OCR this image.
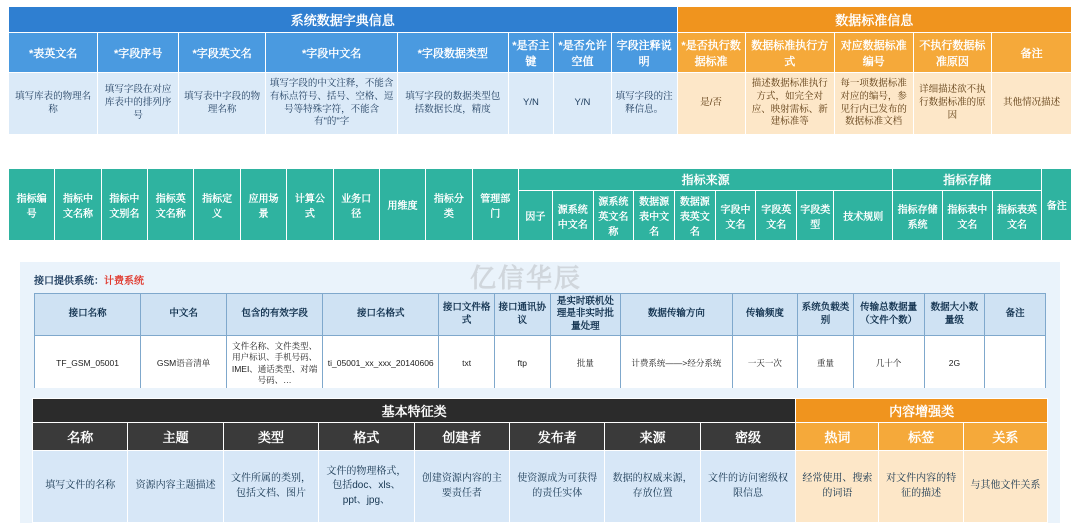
系统数据字典信息								数据标准信息				
*表英文名	*字段序号	*字段英文名	*字段中文名	*字段数据类型	*是否主键	*是否允许空值	字段注释说明	*是否执行数据标准	数据标准执行方式	对应数据标准编号	不执行数据标准原因	备注
填写库表的物理名称	填写字段在对应库表中的排列序号	填写表中字段的物理名称	填写字段的中文注释，不能含有标点符号、括号、空格、逗号等特殊字符，不能含有"的"字	填写字段的数据类型包括数据长度，精度	Y/N	Y/N	填写字段的注释信息。	是/否	描述数据标准执行方式，如完全对应、映射需标、新建标准等	每一项数据标准对应的编号，参见行内已发布的数据标准文档	详细描述欲不执行数据标准的原因	其他情况描述
指标编号	指标中文名称	指标中文别名	指标英文名称	指标定义	应用场景	计算公式	业务口径	用维度	指标分类	管理部门	指标来源									指标存储			备注
											因子	源系统中文名	源系统英文名称	数据源表中文名	数据源表英文名	字段中文名	字段英文名	字段类型	技术规则	指标存储系统	指标表中文名	指标表英文名	
接口提供系统：计费系统
接口名称	中文名	包含的有效字段	接口名格式	接口文件格式	接口通讯协议	是实时联机处理是非实时批量处理	数据传输方向	传输频度	系统负载类别	传输总数据量（文件个数）	数据大小数量级	备注
TF_GSM_05001	GSM语音清单	文件名称、文件类型、用户标识、手机号码、IMEI、通话类型、对端号码、…	ti_05001_xx_xxx_20140606	txt	ftp	批量	计费系统——>经分系统	一天一次	重量	几十个	2G	
基本特征类								内容增强类		
名称	主题	类型	格式	创建者	发布者	来源	密级	热词	标签	关系
填写文件的名称	资源内容主题描述	文件所属的类别，包括文档、图片	文件的物理格式，包括doc、xls、ppt、jpg、	创建资源内容的主要责任者	使资源成为可获得的责任实体	数据的权威来源，存放位置	文件的访问密级权限信息	经常使用、搜索的词语	对文件内容的特征的描述	与其他文件关系
亿信华辰
